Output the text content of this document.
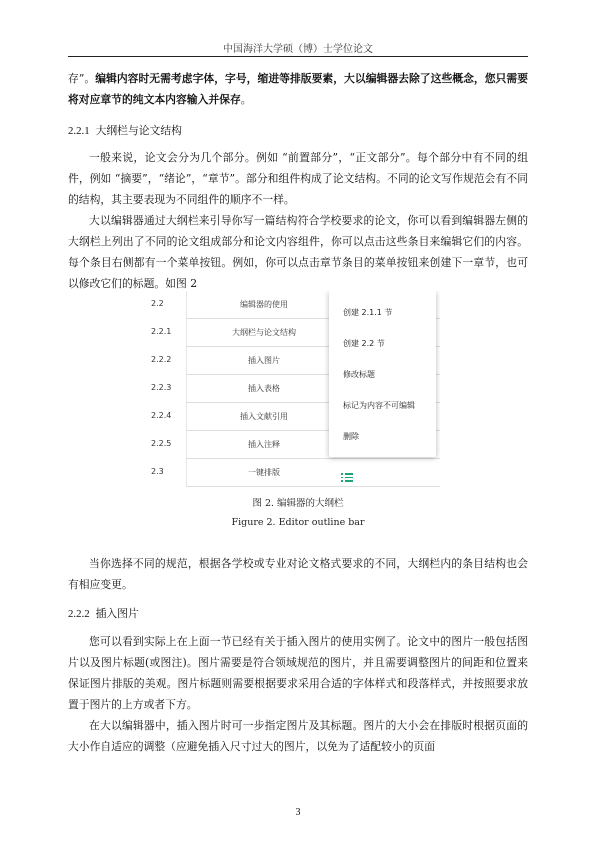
中国海洋大学硕（博）士学位论文

存”。编辑内容时无需考虑字体，字号，缩进等排版要素，大以编辑器去除了这些概念，您只需要将对应章节的纯文本内容输入并保存。

2.2.1 大纲栏与论文结构

一般来说，论文会分为几个部分。例如 “前置部分”，“正文部分”。每个部分中有不同的组件，例如 “摘要”，“绪论”，“章节”。部分和组件构成了论文结构。不同的论文写作规范会有不同的结构，其主要表现为不同组件的顺序不一样。

大以编辑器通过大纲栏来引导你写一篇结构符合学校要求的论文，你可以看到编辑器左侧的大纲栏上列出了不同的论文组成部分和论文内容组件，你可以点击这些条目来编辑它们的内容。每个条目右侧都有一个菜单按钮。例如，你可以点击章节条目的菜单按钮来创建下一章节，也可以修改它们的标题。如图 2

2.2	编辑器的使用
2.2.1	大纲栏与论文结构
2.2.2	插入图片
2.2.3	插入表格
2.2.4	插入文献引用
2.2.5	插入注释
2.3	一键排版
创建 2.1.1 节
创建 2.2 节
修改标题
标记为内容不可编辑
删除
图 2. 编辑器的大纲栏
Figure 2. Editor outline bar

当你选择不同的规范，根据各学校或专业对论文格式要求的不同，大纲栏内的条目结构也会有相应变更。

2.2.2 插入图片

您可以看到实际上在上面一节已经有关于插入图片的使用实例了。论文中的图片一般包括图片以及图片标题(或图注)。图片需要是符合领域规范的图片，并且需要调整图片的间距和位置来保证图片排版的美观。图片标题则需要根据要求采用合适的字体样式和段落样式，并按照要求放置于图片的上方或者下方。

在大以编辑器中，插入图片时可一步指定图片及其标题。图片的大小会在排版时根据页面的大小作自适应的调整（应避免插入尺寸过大的图片，以免为了适配较小的页面

3
